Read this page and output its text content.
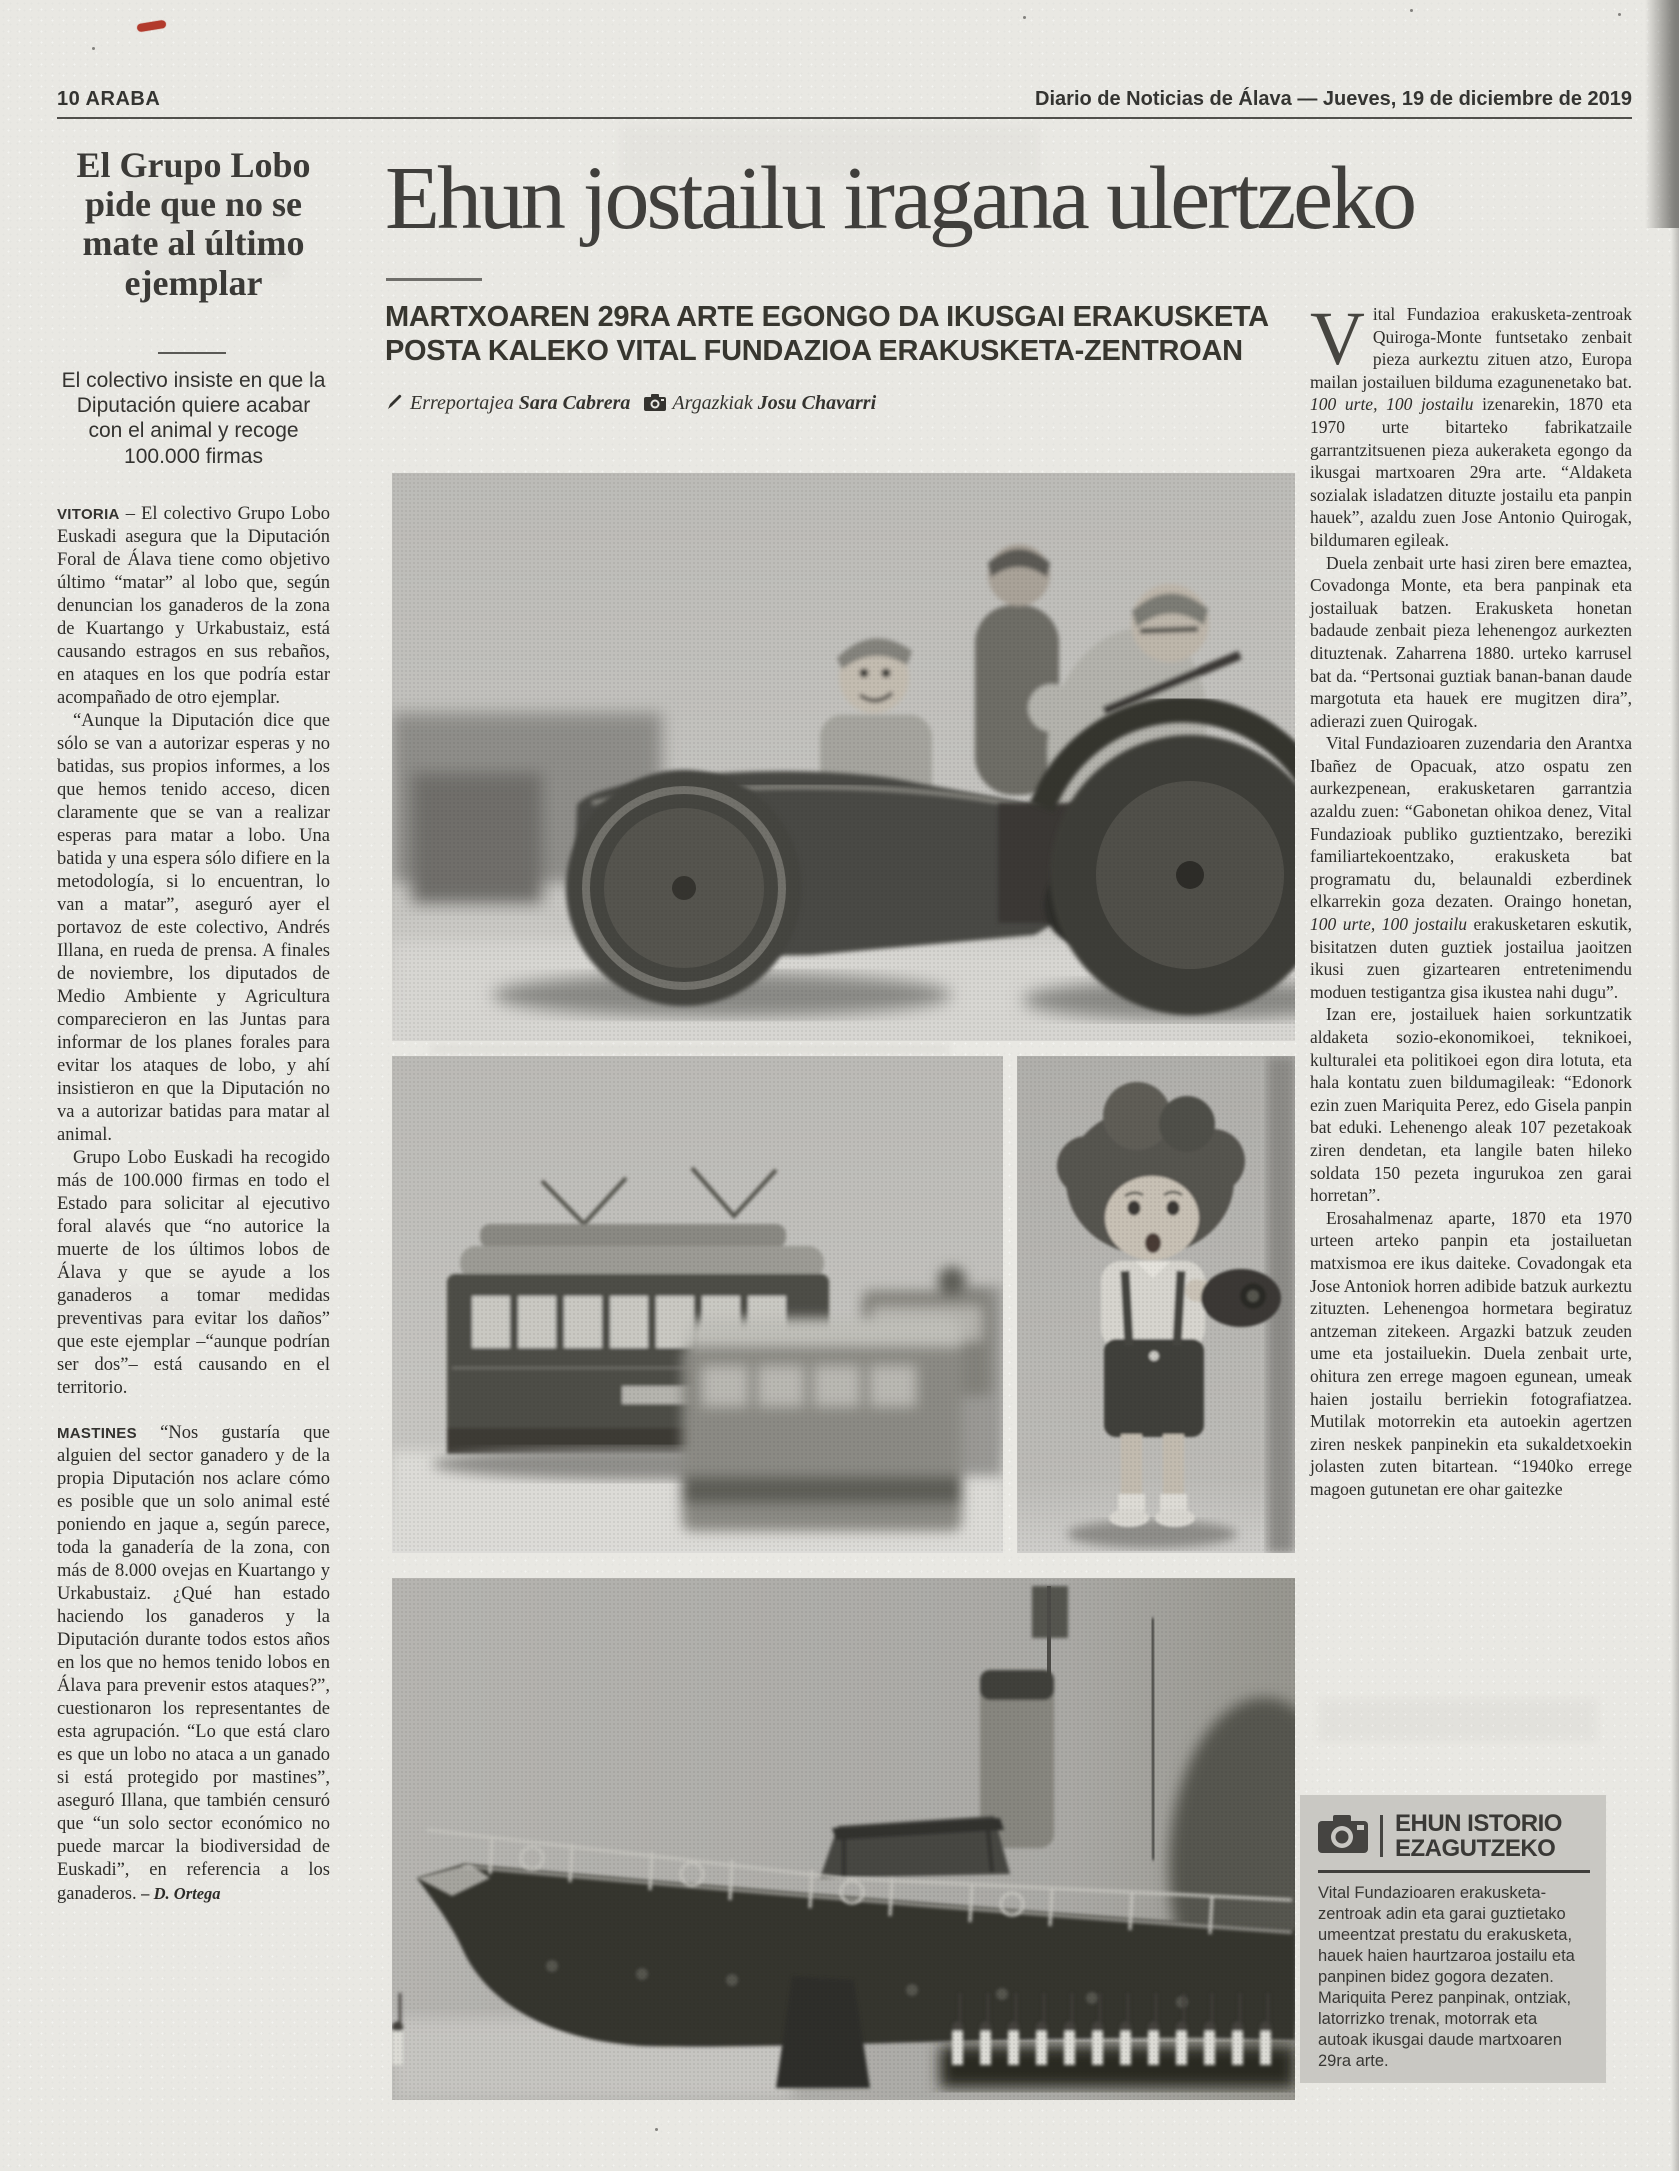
10 ARABA	Diario de Noticias de Álava — Jueves, 19 de diciembre de 2019
El Grupo Lobo pide que no se mate al último ejemplar
El colectivo insiste en que la Diputación quiere acabar con el animal y recoge 100.000 firmas

VITORIA – El colectivo Grupo Lobo Euskadi asegura que la Diputación Foral de Álava tiene como objetivo último “matar” al lobo que, según denuncian los ganaderos de la zona de Kuartango y Urkabustaiz, está causando estragos en sus rebaños, en ataques en los que podría estar acompañado de otro ejemplar.

“Aunque la Diputación dice que sólo se van a autorizar esperas y no batidas, sus propios informes, a los que hemos tenido acceso, dicen claramente que se van a realizar esperas para matar a lobo. Una batida y una espera sólo difiere en la metodología, si lo encuentran, lo van a matar”, aseguró ayer el portavoz de este colectivo, Andrés Illana, en rueda de prensa. A finales de noviembre, los diputados de Medio Ambiente y Agricultura comparecieron en las Juntas para informar de los planes forales para evitar los ataques de lobo, y ahí insistieron en que la Diputación no va a autorizar batidas para matar al animal.

Grupo Lobo Euskadi ha recogido más de 100.000 firmas en todo el Estado para solicitar al ejecutivo foral alavés que “no autorice la muerte de los últimos lobos de Álava y que se ayude a los ganaderos a tomar medidas preventivas para evitar los daños” que este ejemplar –“aunque podrían ser dos”– está causando en el territorio.

MASTINES “Nos gustaría que alguien del sector ganadero y de la propia Diputación nos aclare cómo es posible que un solo animal esté poniendo en jaque a, según parece, toda la ganadería de la zona, con más de 8.000 ovejas en Kuartango y Urkabustaiz. ¿Qué han estado haciendo los ganaderos y la Diputación durante todos estos años en los que no hemos tenido lobos en Álava para prevenir estos ataques?”, cuestionaron los representantes de esta agrupación. “Lo que está claro es que un lobo no ataca a un ganado si está protegido por mastines”, aseguró Illana, que también censuró que “un solo sector económico no puede marcar la biodiversidad de Euskadi”, en referencia a los ganaderos. – D. Ortega

Ehun jostailu iragana ulertzeko
MARTXOAREN 29RA ARTE EGONGO DA IKUSGAI ERAKUSKETA
POSTA KALEKO VITAL FUNDAZIOA ERAKUSKETA-ZENTROAN
Erreportajea Sara Cabrera Argazkiak Josu Chavarri

Vital Fundazioa erakusketa-zentroak Quiroga-Monte funtsetako zenbait pieza aurkeztu zituen atzo, Europa mailan jostailuen bilduma ezagunenetako bat. 100 urte, 100 jostailu izenarekin, 1870 eta 1970 urte bitarteko fabrikatzaile garrantzitsuenen pieza aukeraketa egongo da ikusgai martxoaren 29ra arte. “Aldaketa sozialak isladatzen dituzte jostailu eta panpin hauek”, azaldu zuen Jose Antonio Quirogak, bildumaren egileak.

Duela zenbait urte hasi ziren bere emaztea, Covadonga Monte, eta bera panpinak eta jostailuak batzen. Erakusketa honetan badaude zenbait pieza lehenengoz aurkezten dituztenak. Zaharrena 1880. urteko karrusel bat da. “Pertsonai guztiak banan-banan daude margotuta eta hauek ere mugitzen dira”, adierazi zuen Quirogak.

Vital Fundazioaren zuzendaria den Arantxa Ibañez de Opacuak, atzo ospatu zen aurkezpenean, erakusketaren garrantzia azaldu zuen: “Gabonetan ohikoa denez, Vital Fundazioak publiko guztientzako, bereziki familiartekoentzako, erakusketa bat programatu du, belaunaldi ezberdinek elkarrekin goza dezaten. Oraingo honetan, 100 urte, 100 jostailu erakusketaren eskutik, bisitatzen duten guztiek jostailua jaoitzen ikusi zuen gizartearen entretenimendu moduen testigantza gisa ikustea nahi dugu”.

Izan ere, jostailuek haien sorkuntzatik aldaketa sozio-ekonomikoei, teknikoei, kulturalei eta politikoei egon dira lotuta, eta hala kontatu zuen bildumagileak: “Edonork ezin zuen Mariquita Perez, edo Gisela panpin bat eduki. Lehenengo aleak 107 pezetakoak ziren dendetan, eta langile baten hileko soldata 150 pezeta ingurukoa zen garai horretan”.

Erosahalmenaz aparte, 1870 eta 1970 urteen arteko panpin eta jostailuetan matxismoa ere ikus daiteke. Covadongak eta Jose Antoniok horren adibide batzuk aurkeztu zituzten. Lehenengoa hormetara begiratuz antzeman zitekeen. Argazki batzuk zeuden ume eta jostailuekin. Duela zenbait urte, ohitura zen errege magoen egunean, umeak haien jostailu berriekin fotografiatzea. Mutilak motorrekin eta autoekin agertzen ziren neskek panpinekin eta sukaldetxoekin jolasten zuten bitartean. “1940ko errege magoen gutunetan ere ohar gaitezke

EHUN ISTORIO
EZAGUTZEKO
Vital Fundazioaren erakusketa-zentroak adin eta garai guztietako umeentzat prestatu du erakusketa, hauek haien haurtzaroa jostailu eta panpinen bidez gogora dezaten. Mariquita Perez panpinak, ontziak, latorrizko trenak, motorrak eta autoak ikusgai daude martxoaren 29ra arte.
